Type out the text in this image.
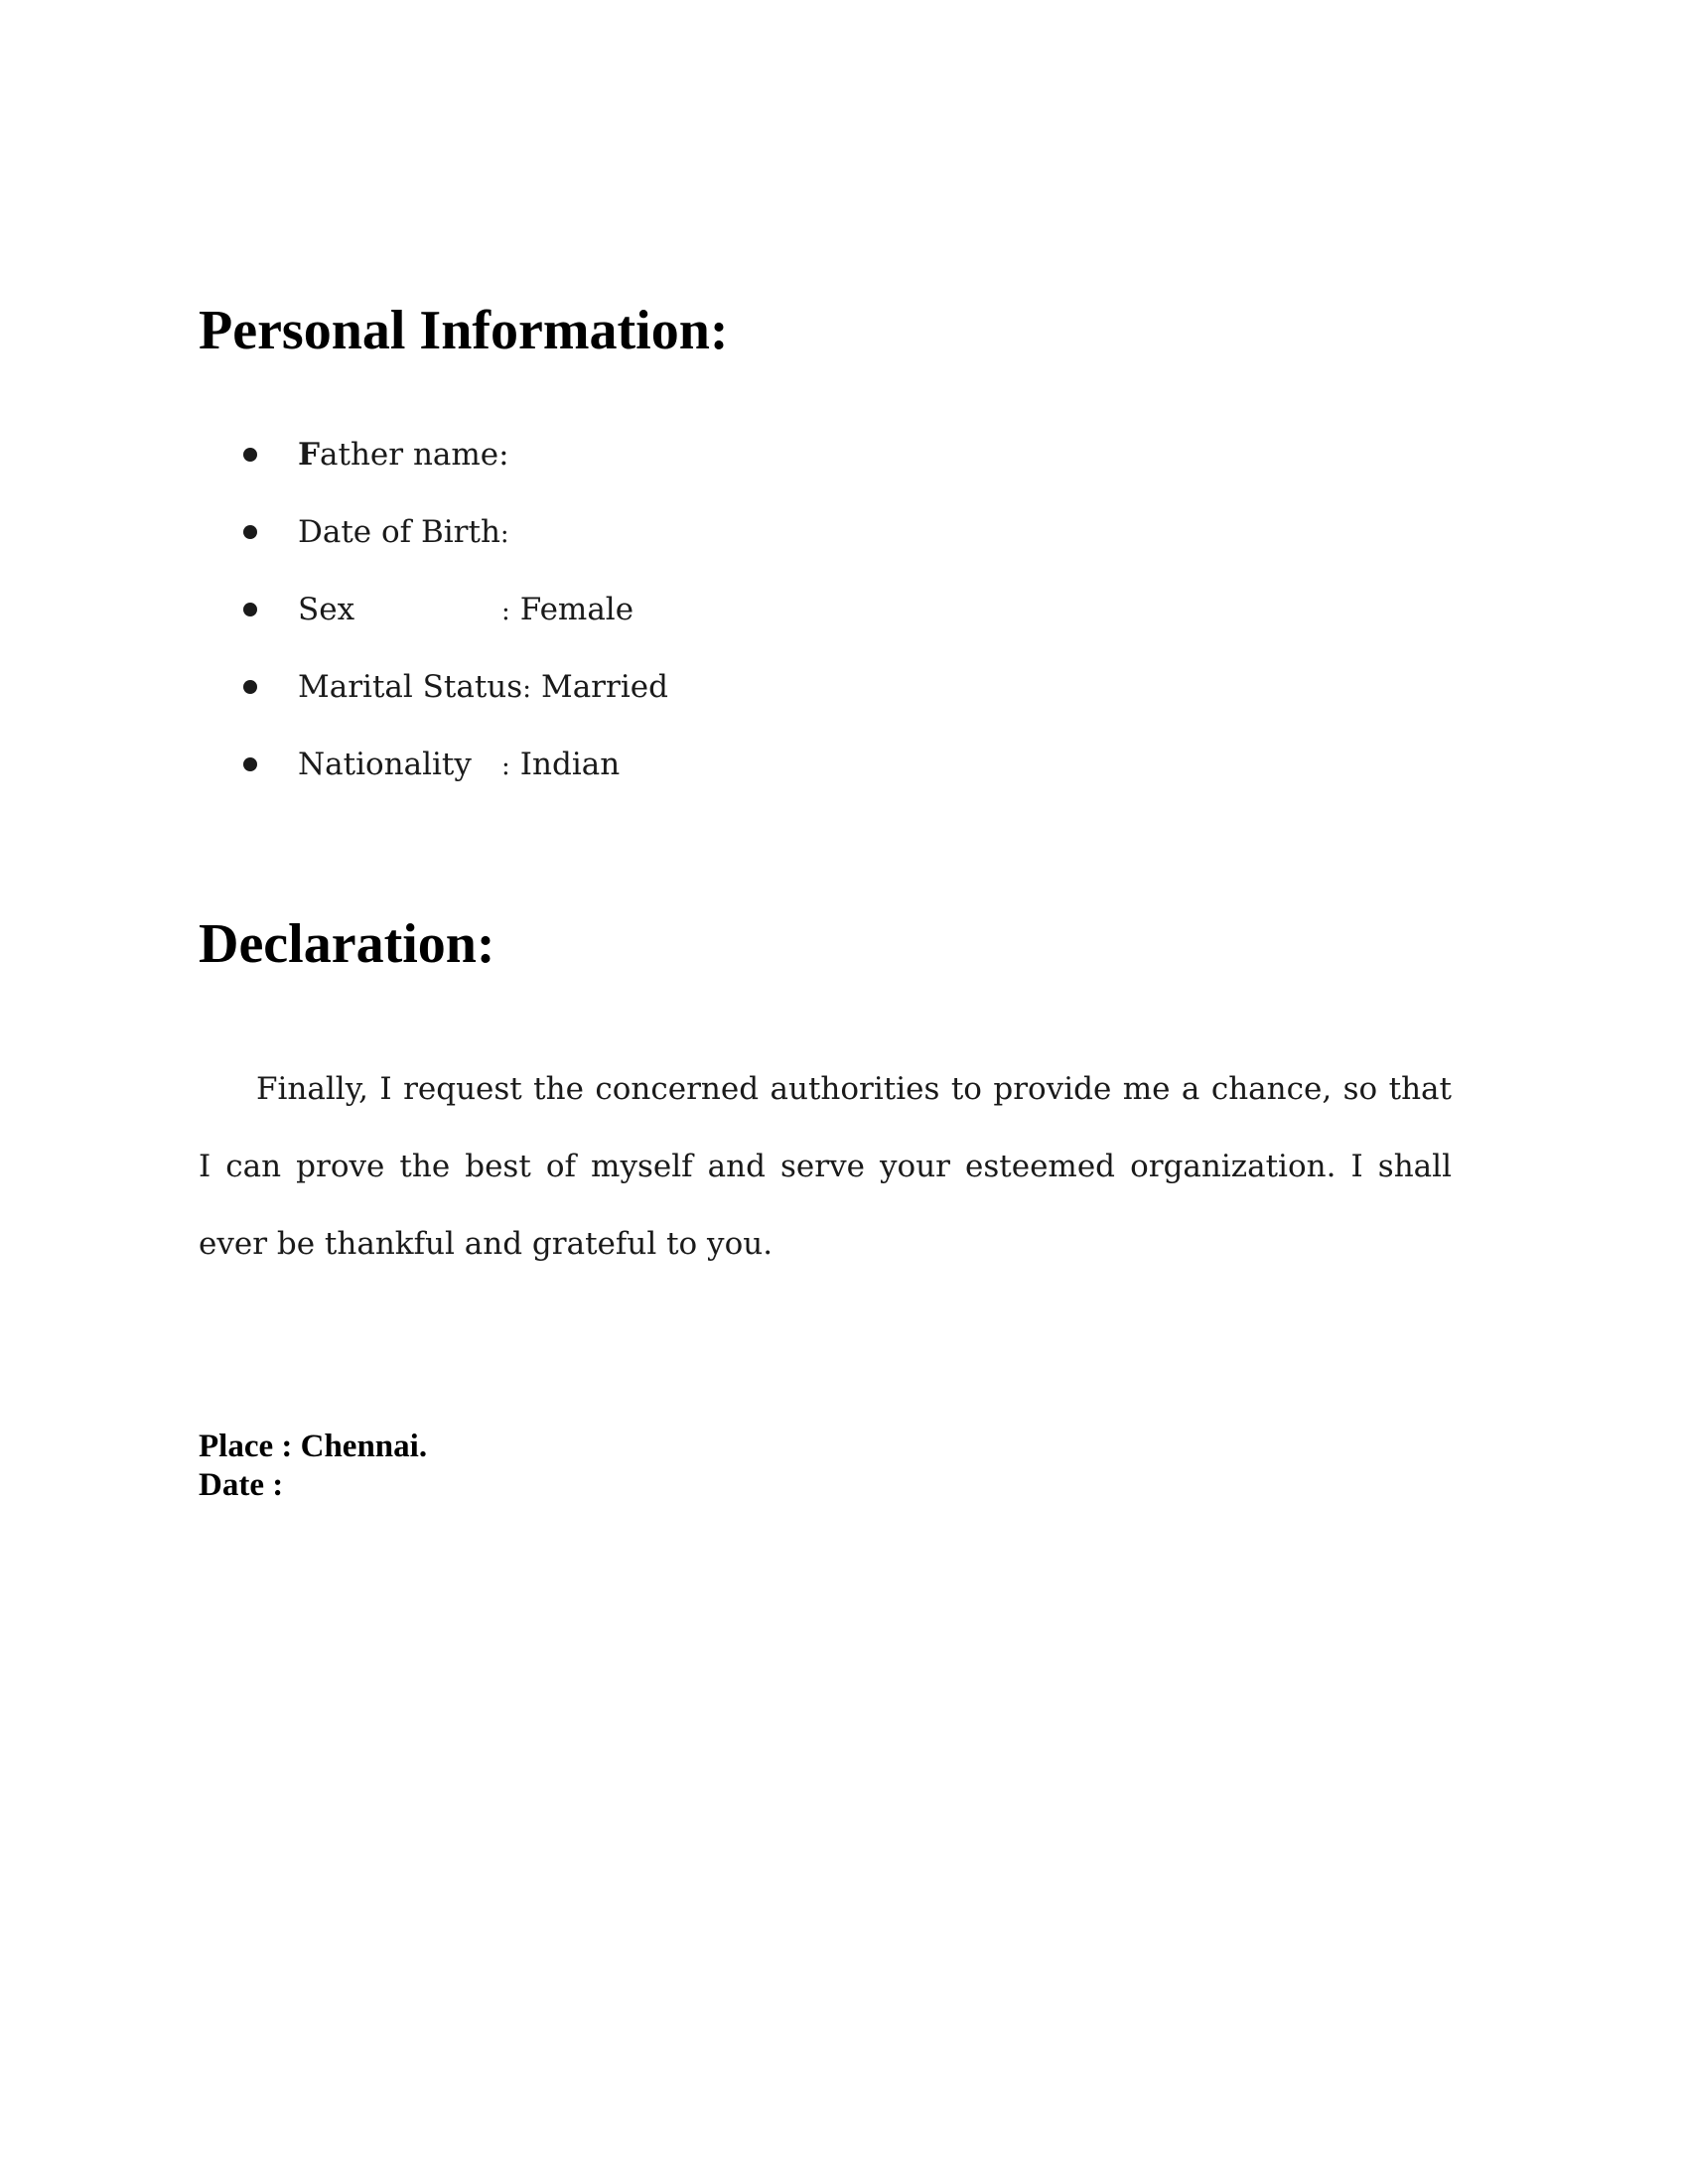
Personal Information:
Father name:
Date of Birth:
Sex	: Female
Marital Status: Married
Nationality : Indian
Declaration:

Finally, I request the concerned authorities to provide me a chance, so that I can prove the best of myself and serve your esteemed organization. I shall ever be thankful and grateful to you.

Place : Chennai.
Date :
